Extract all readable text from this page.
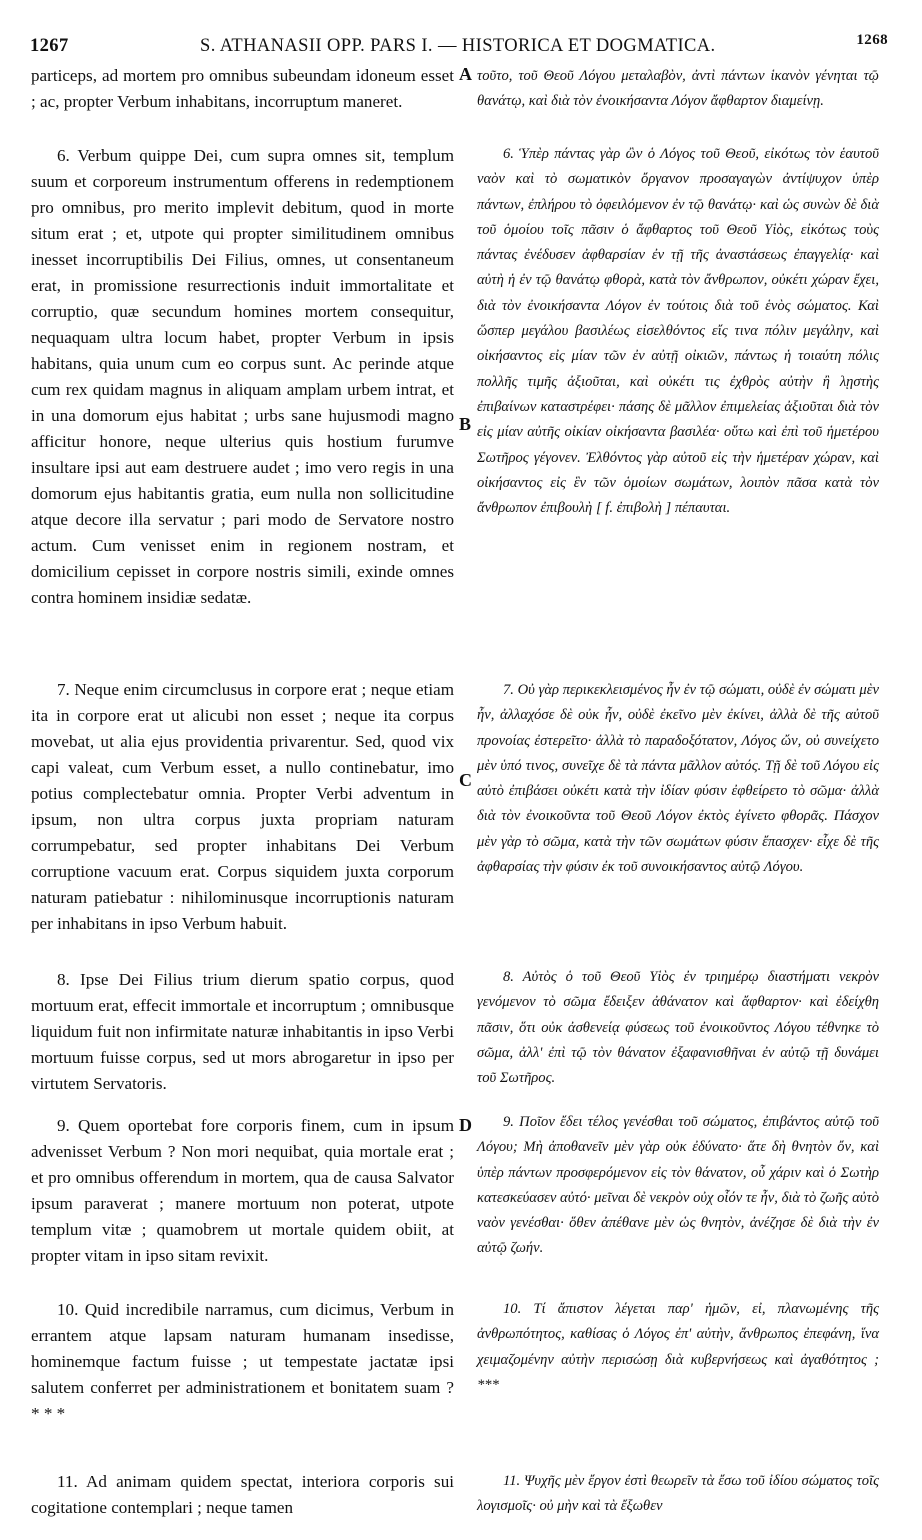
1267	S. ATHANASII OPP. PARS I. — HISTORICA ET DOGMATICA.	1268
A
B
C
D

particeps, ad mortem pro omnibus subeundam idoneum esset ; ac, propter Verbum inhabitans, incorruptum maneret.

6. Verbum quippe Dei, cum supra omnes sit, templum suum et corporeum instrumentum offerens in redemptionem pro omnibus, pro merito implevit debitum, quod in morte situm erat ; et, utpote qui propter similitudinem omnibus inesset incorruptibilis Dei Filius, omnes, ut consentaneum erat, in promissione resurrectionis induit immortalitate et corruptio, quæ secundum homines mortem consequitur, nequaquam ultra locum habet, propter Verbum in ipsis habitans, quia unum cum eo corpus sunt. Ac perinde atque cum rex quidam magnus in aliquam amplam urbem intrat, et in una domorum ejus habitat ; urbs sane hujusmodi magno afficitur honore, neque ulterius quis hostium furumve insultare ipsi aut eam destruere audet ; imo vero regis in una domorum ejus habitantis gratia, eum nulla non sollicitudine atque decore illa servatur ; pari modo de Servatore nostro actum. Cum venisset enim in regionem nostram, et domicilium cepisset in corpore nostris simili, exinde omnes contra hominem insidiæ sedatæ.

7. Neque enim circumclusus in corpore erat ; neque etiam ita in corpore erat ut alicubi non esset ; neque ita corpus movebat, ut alia ejus providentia privarentur. Sed, quod vix capi valeat, cum Verbum esset, a nullo continebatur, imo potius complectebatur omnia. Propter Verbi adventum in ipsum, non ultra corpus juxta propriam naturam corrumpebatur, sed propter inhabitans Dei Verbum corruptione vacuum erat. Corpus siquidem juxta corporum naturam patiebatur : nihilominusque incorruptionis naturam per inhabitans in ipso Verbum habuit.

8. Ipse Dei Filius trium dierum spatio corpus, quod mortuum erat, effecit immortale et incorruptum ; omnibusque liquidum fuit non infirmitate naturæ inhabitantis in ipso Verbi mortuum fuisse corpus, sed ut mors abrogaretur in ipso per virtutem Servatoris.

9. Quem oportebat fore corporis finem, cum in ipsum advenisset Verbum ? Non mori nequibat, quia mortale erat ; et pro omnibus offerendum in mortem, qua de causa Salvator ipsum paraverat ; manere mortuum non poterat, utpote templum vitæ ; quamobrem ut mortale quidem obiit, at propter vitam in ipso sitam revixit.

10. Quid incredibile narramus, cum dicimus, Verbum in errantem atque lapsam naturam humanam insedisse, hominemque factum fuisse ; ut tempestate jactatæ ipsi salutem conferret per administrationem et bonitatem suam ? * * *

11. Ad animam quidem spectat, interiora corporis sui cogitatione contemplari ; neque tamen

τοῦτο, τοῦ Θεοῦ Λόγου μεταλαβὸν, ἀντὶ πάντων ἱκανὸν γένηται τῷ θανάτῳ, καὶ διὰ τὸν ἐνοικήσαντα Λόγον ἄφθαρτον διαμείνῃ.

6. Ὑπὲρ πάντας γὰρ ὢν ὁ Λόγος τοῦ Θεοῦ, εἰκότως τὸν ἑαυτοῦ ναὸν καὶ τὸ σωματικὸν ὄργανον προσαγαγὼν ἀντίψυχον ὑπὲρ πάντων, ἐπλήρου τὸ ὀφειλόμενον ἐν τῷ θανάτῳ· καὶ ὡς συνὼν δὲ διὰ τοῦ ὁμοίου τοῖς πᾶσιν ὁ ἄφθαρτος τοῦ Θεοῦ Υἱὸς, εἰκότως τοὺς πάντας ἐνέδυσεν ἀφθαρσίαν ἐν τῇ τῆς ἀναστάσεως ἐπαγγελίᾳ· καὶ αὐτὴ ἡ ἐν τῷ θανάτῳ φθορὰ, κατὰ τὸν ἄνθρωπον, οὐκέτι χώραν ἔχει, διὰ τὸν ἐνοικήσαντα Λόγον ἐν τούτοις διὰ τοῦ ἑνὸς σώματος. Καὶ ὥσπερ μεγάλου βασιλέως εἰσελθόντος εἴς τινα πόλιν μεγάλην, καὶ οἰκήσαντος εἰς μίαν τῶν ἐν αὐτῇ οἰκιῶν, πάντως ἡ τοιαύτη πόλις πολλῆς τιμῆς ἀξιοῦται, καὶ οὐκέτι τις ἐχθρὸς αὐτὴν ἢ λῃστὴς ἐπιβαίνων καταστρέφει· πάσης δὲ μᾶλλον ἐπιμελείας ἀξιοῦται διὰ τὸν εἰς μίαν αὐτῆς οἰκίαν οἰκήσαντα βασιλέα· οὕτω καὶ ἐπὶ τοῦ ἡμετέρου Σωτῆρος γέγονεν. Ἐλθόντος γὰρ αὐτοῦ εἰς τὴν ἡμετέραν χώραν, καὶ οἰκήσαντος εἰς ἓν τῶν ὁμοίων σωμάτων, λοιπὸν πᾶσα κατὰ τὸν ἄνθρωπον ἐπιβουλὴ [ f. ἐπιβολὴ ] πέπαυται.

7. Οὐ γὰρ περικεκλεισμένος ἦν ἐν τῷ σώματι, οὐδὲ ἐν σώματι μὲν ἦν, ἀλλαχόσε δὲ οὐκ ἦν, οὐδὲ ἐκεῖνο μὲν ἐκίνει, ἀλλὰ δὲ τῆς αὐτοῦ προνοίας ἐστερεῖτο· ἀλλὰ τὸ παραδοξότατον, Λόγος ὤν, οὐ συνείχετο μὲν ὑπό τινος, συνεῖχε δὲ τὰ πάντα μᾶλλον αὐτός. Τῇ δὲ τοῦ Λόγου εἰς αὐτὸ ἐπιβάσει οὐκέτι κατὰ τὴν ἰδίαν φύσιν ἐφθείρετο τὸ σῶμα· ἀλλὰ διὰ τὸν ἐνοικοῦντα τοῦ Θεοῦ Λόγον ἐκτὸς ἐγίνετο φθορᾶς. Πάσχον μὲν γὰρ τὸ σῶμα, κατὰ τὴν τῶν σωμάτων φύσιν ἔπασχεν· εἶχε δὲ τῆς ἀφθαρσίας τὴν φύσιν ἐκ τοῦ συνοικήσαντος αὐτῷ Λόγου.

8. Αὐτὸς ὁ τοῦ Θεοῦ Υἱὸς ἐν τριημέρῳ διαστήματι νεκρὸν γενόμενον τὸ σῶμα ἔδειξεν ἀθάνατον καὶ ἄφθαρτον· καὶ ἐδείχθη πᾶσιν, ὅτι οὐκ ἀσθενείᾳ φύσεως τοῦ ἐνοικοῦντος Λόγου τέθνηκε τὸ σῶμα, ἀλλ' ἐπὶ τῷ τὸν θάνατον ἐξαφανισθῆναι ἐν αὐτῷ τῇ δυνάμει τοῦ Σωτῆρος.

9. Ποῖον ἔδει τέλος γενέσθαι τοῦ σώματος, ἐπιβάντος αὐτῷ τοῦ Λόγου; Μὴ ἀποθανεῖν μὲν γὰρ οὐκ ἐδύνατο· ἅτε δὴ θνητὸν ὄν, καὶ ὑπὲρ πάντων προσφερόμενον εἰς τὸν θάνατον, οὗ χάριν καὶ ὁ Σωτὴρ κατεσκεύασεν αὐτό· μεῖναι δὲ νεκρὸν οὐχ οἷόν τε ἦν, διὰ τὸ ζωῆς αὐτὸ ναὸν γενέσθαι· ὅθεν ἀπέθανε μὲν ὡς θνητὸν, ἀνέζησε δὲ διὰ τὴν ἐν αὐτῷ ζωήν.

10. Τί ἄπιστον λέγεται παρ' ἡμῶν, εἰ, πλανωμένης τῆς ἀνθρωπότητος, καθίσας ὁ Λόγος ἐπ' αὐτὴν, ἄνθρωπος ἐπεφάνη, ἵνα χειμαζομένην αὐτὴν περισώσῃ διὰ κυβερνήσεως καὶ ἀγαθότητος ; ***

11. Ψυχῆς μὲν ἔργον ἐστὶ θεωρεῖν τὰ ἔσω τοῦ ἰδίου σώματος τοῖς λογισμοῖς· οὐ μὴν καὶ τὰ ἔξωθεν
